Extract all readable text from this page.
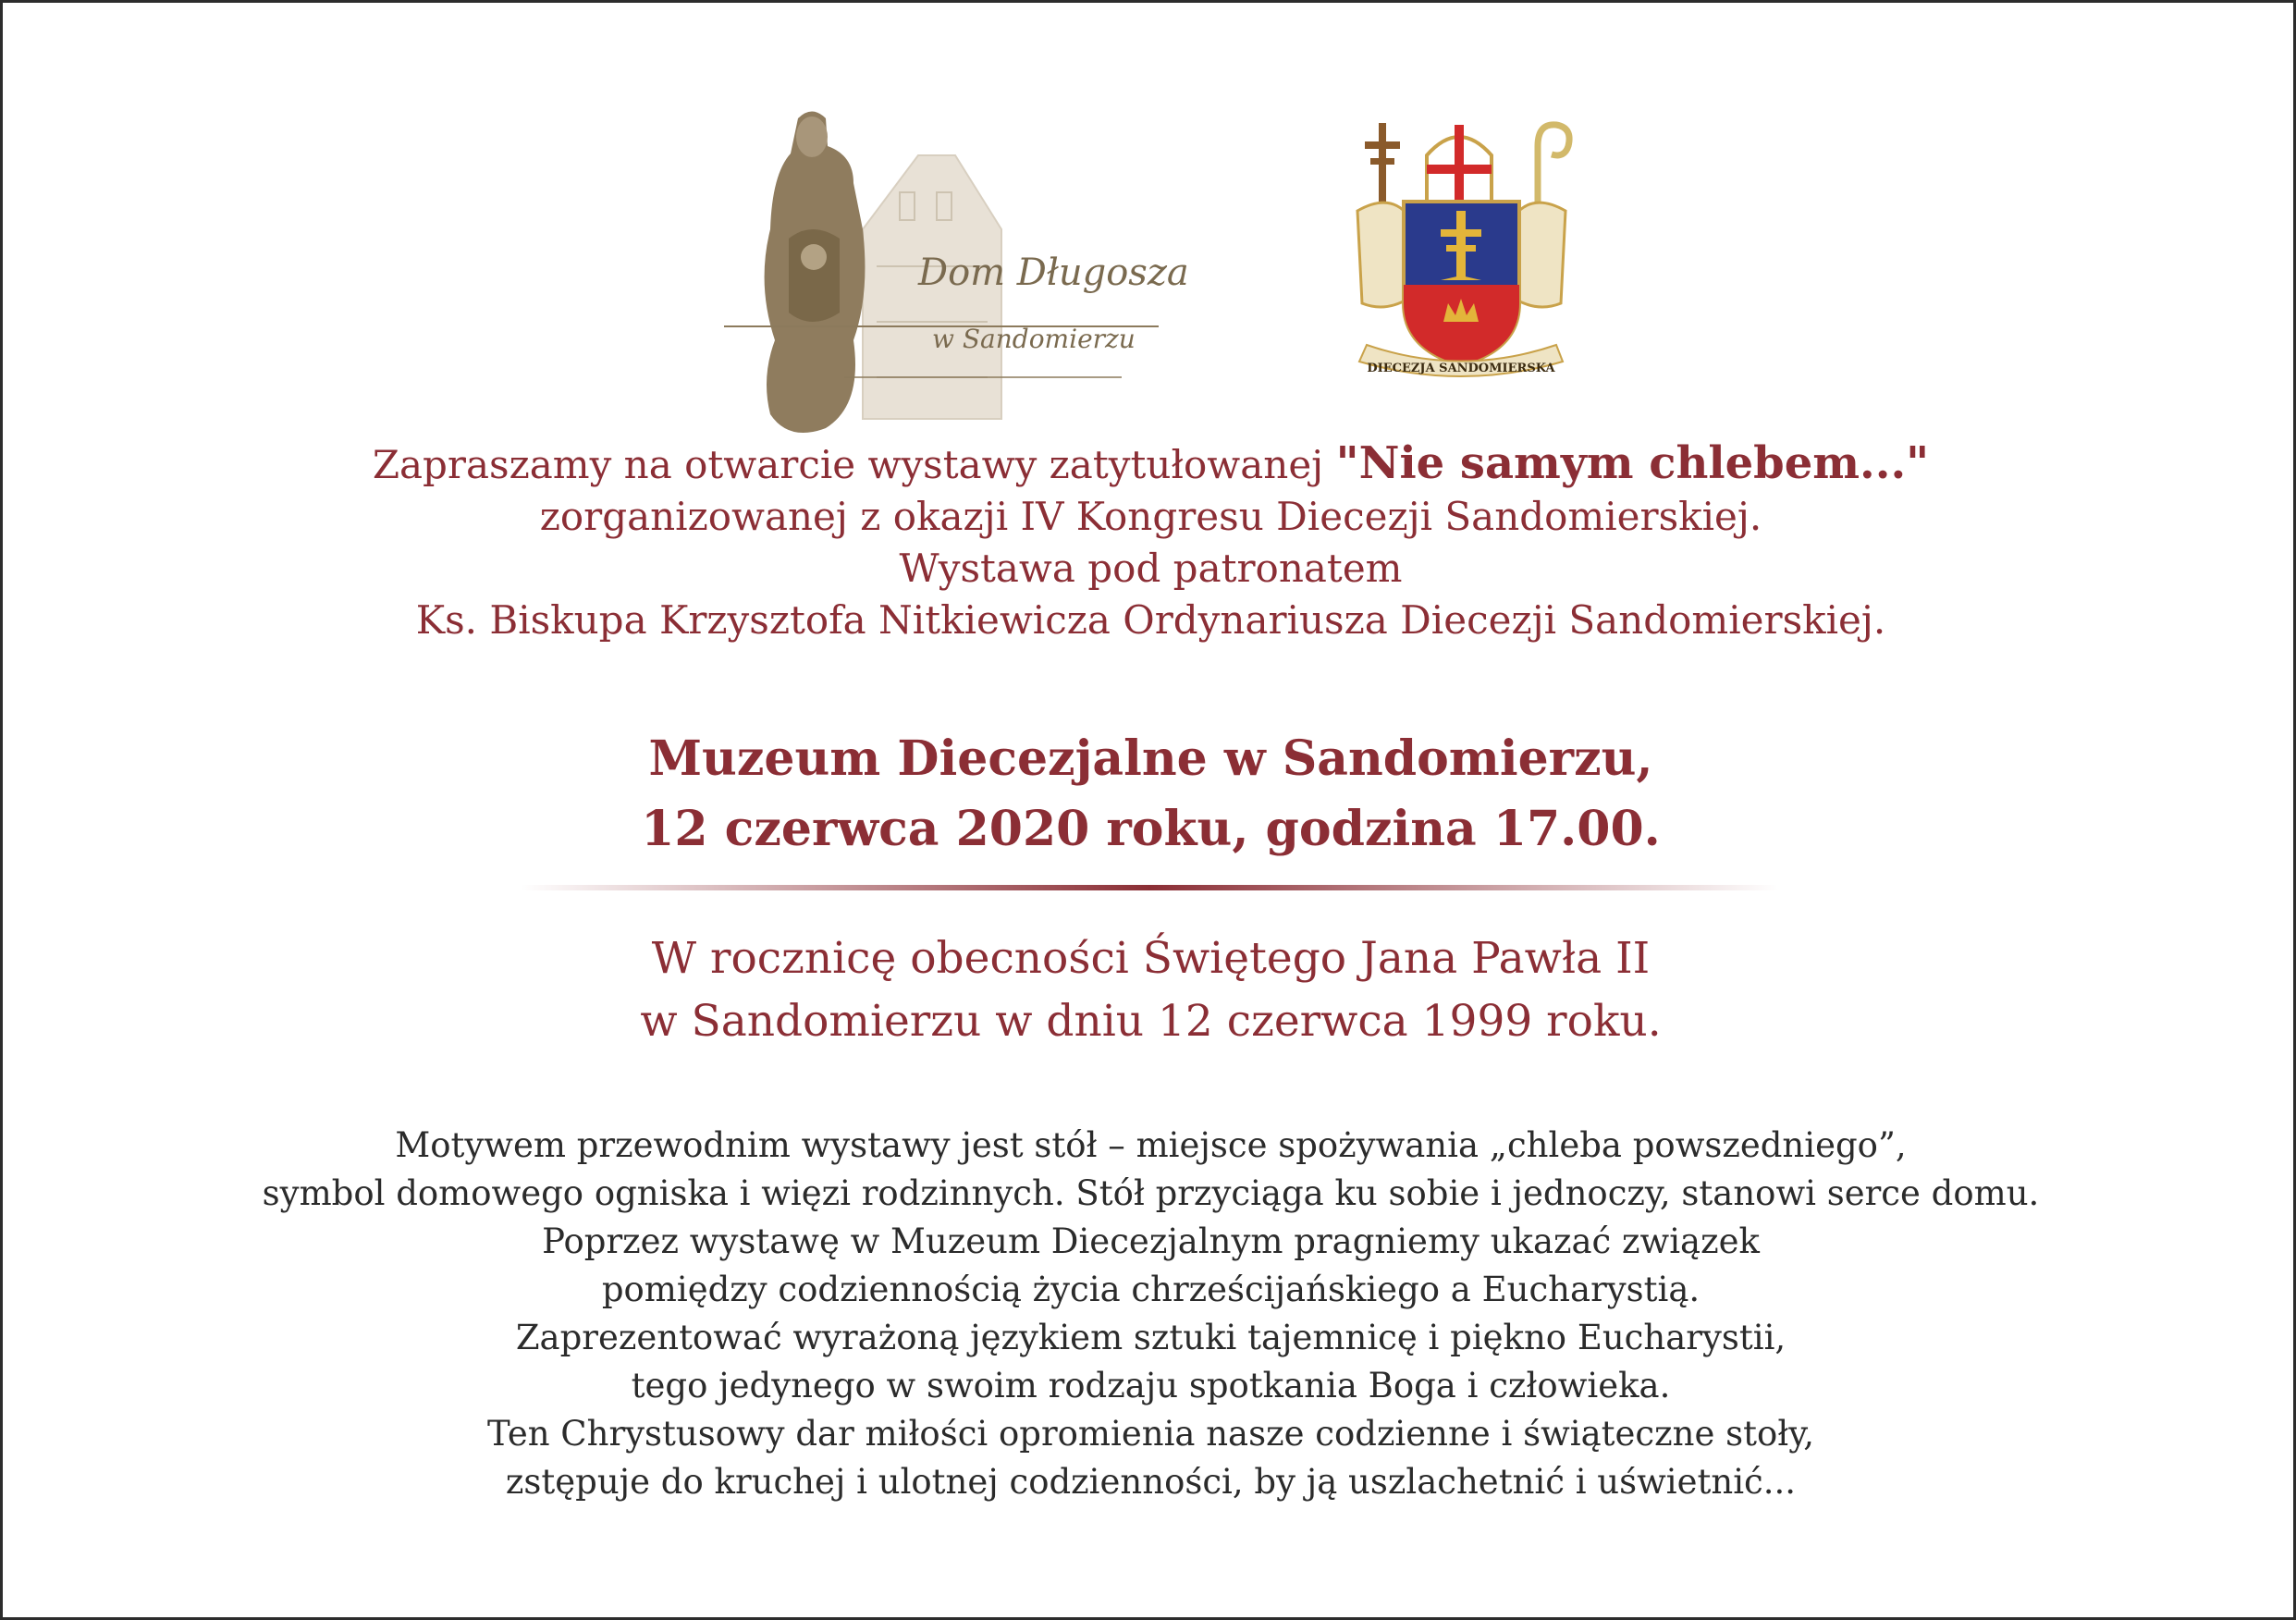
Dom Długosza
w Sandomierzu
DIECEZJA SANDOMIERSKA
Zapraszamy na otwarcie wystawy zatytułowanej "Nie samym chlebem..."
zorganizowanej z okazji IV Kongresu Diecezji Sandomierskiej.
Wystawa pod patronatem
Ks. Biskupa Krzysztofa Nitkiewicza Ordynariusza Diecezji Sandomierskiej.
Muzeum Diecezjalne w Sandomierzu,
12 czerwca 2020 roku, godzina 17.00.
W rocznicę obecności Świętego Jana Pawła II
w Sandomierzu w dniu 12 czerwca 1999 roku.
Motywem przewodnim wystawy jest stół – miejsce spożywania „chleba powszedniego”,
symbol domowego ogniska i więzi rodzinnych. Stół przyciąga ku sobie i jednoczy, stanowi serce domu.
Poprzez wystawę w Muzeum Diecezjalnym pragniemy ukazać związek
pomiędzy codziennością życia chrześcijańskiego a Eucharystią.
Zaprezentować wyrażoną językiem sztuki tajemnicę i piękno Eucharystii,
tego jedynego w swoim rodzaju spotkania Boga i człowieka.
Ten Chrystusowy dar miłości opromienia nasze codzienne i świąteczne stoły,
zstępuje do kruchej i ulotnej codzienności, by ją uszlachetnić i uświetnić...
